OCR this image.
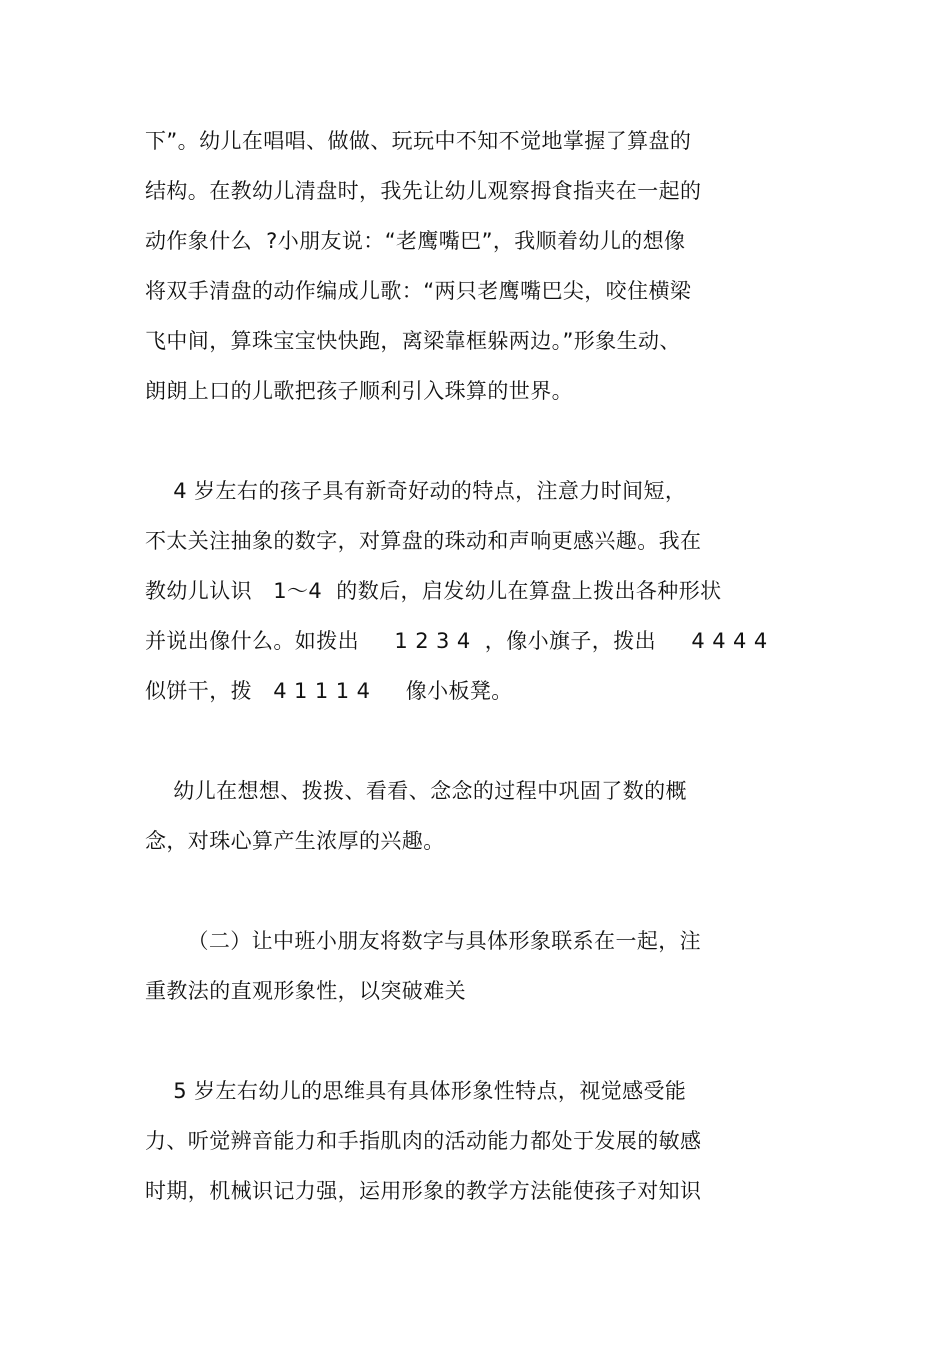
下”。幼儿在唱唱、做做、玩玩中不知不觉地掌握了算盘的
结构。在教幼儿清盘时，我先让幼儿观察拇食指夹在一起的
动作象什么  ?小朋友说：“老鹰嘴巴”，我顺着幼儿的想像
将双手清盘的动作编成儿歌：“两只老鹰嘴巴尖，咬住横梁
飞中间，算珠宝宝快快跑，离梁靠框躲两边。”形象生动、
朗朗上口的儿歌把孩子顺利引入珠算的世界。
4 岁左右的孩子具有新奇好动的特点，注意力时间短，
不太关注抽象的数字，对算盘的珠动和声响更感兴趣。我在
教幼儿认识   1～4  的数后，启发幼儿在算盘上拨出各种形状
并说出像什么。如拨出     1 2 3 4  ，像小旗子，拨出     4 4 4 4
似饼干，拨   4 1 1 1 4     像小板凳。
幼儿在想想、拨拨、看看、念念的过程中巩固了数的概
念，对珠心算产生浓厚的兴趣。
（二）让中班小朋友将数字与具体形象联系在一起，注
重教法的直观形象性，以突破难关
5 岁左右幼儿的思维具有具体形象性特点，视觉感受能
力、听觉辨音能力和手指肌肉的活动能力都处于发展的敏感
时期，机械识记力强，运用形象的教学方法能使孩子对知识
